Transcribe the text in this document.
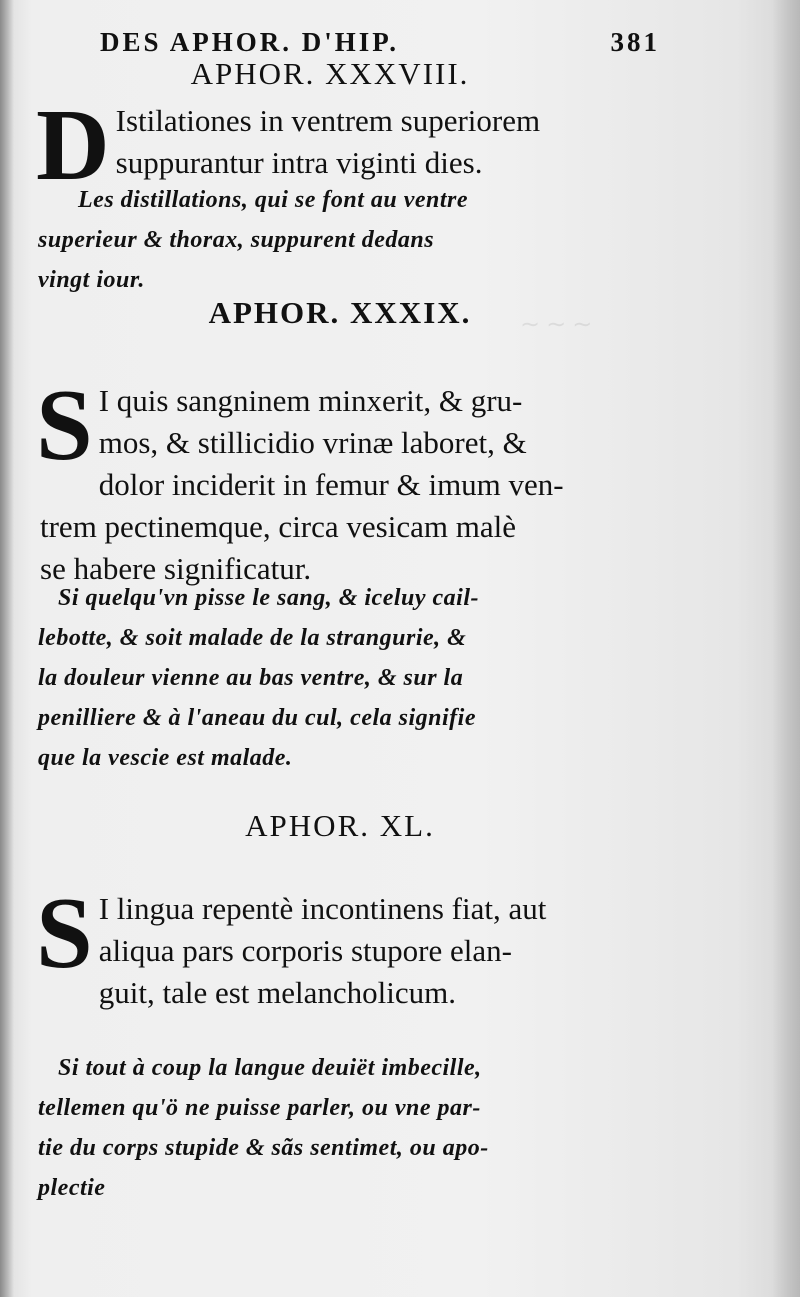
∼ ∼ ∼
DES APHOR. D'HIP.	381
APHOR. XXXVIII.
D Istilationes in ventrem superiorem

suppurantur intra viginti dies.

Les distillations, qui se font au ventre

superieur & thorax, suppurent dedans

vingt iour.

APHOR. XXXIX.
S I quis sangninem minxerit, & gru-

mos, & stillicidio vrinæ laboret, &

dolor inciderit in femur & imum ven-

trem pectinemque, circa vesicam malè

se habere significatur.

Si quelqu'vn pisse le sang, & iceluy cail-

lebotte, & soit malade de la strangurie, &

la douleur vienne au bas ventre, & sur la

penilliere & à l'aneau du cul, cela signifie

que la vescie est malade.

APHOR. XL.
S I lingua repentè incontinens fiat, aut

aliqua pars corporis stupore elan-

guit, tale est melancholicum.

Si tout à coup la langue deuiët imbecille,

tellemen qu'ö ne puisse parler, ou vne par-

tie du corps stupide & sãs sentimet, ou apo-

plectie
